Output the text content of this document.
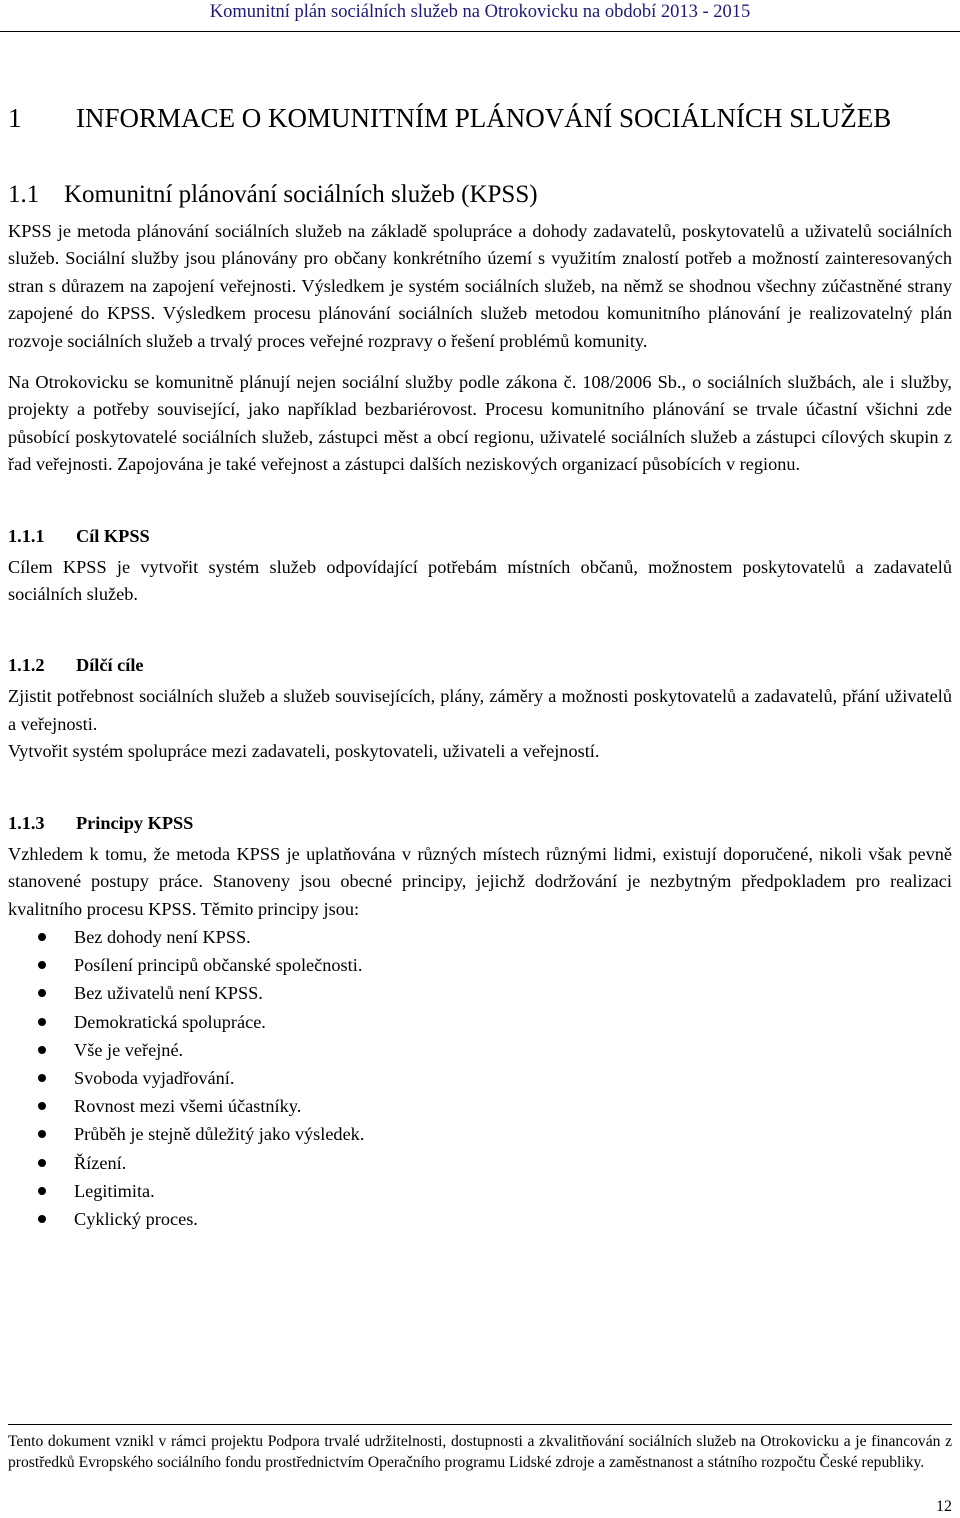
Komunitní plán sociálních služeb na Otrokovicku na období 2013 - 2015
1	INFORMACE O KOMUNITNÍM PLÁNOVÁNÍ SOCIÁLNÍCH SLUŽEB
1.1 Komunitní plánování sociálních služeb (KPSS)

KPSS je metoda plánování sociálních služeb na základě spolupráce a dohody zadavatelů, poskytovatelů a uživatelů sociálních služeb. Sociální služby jsou plánovány pro občany konkrétního území s využitím znalostí potřeb a možností zainteresovaných stran s důrazem na zapojení veřejnosti. Výsledkem je systém sociálních služeb, na němž se shodnou všechny zúčastněné strany zapojené do KPSS. Výsledkem procesu plánování sociálních služeb metodou komunitního plánování je realizovatelný plán rozvoje sociálních služeb a trvalý proces veřejné rozpravy o řešení problémů komunity.

Na Otrokovicku se komunitně plánují nejen sociální služby podle zákona č. 108/2006 Sb., o sociálních službách, ale i služby, projekty a potřeby související, jako například bezbariérovost. Procesu komunitního plánování se trvale účastní všichni zde působící poskytovatelé sociálních služeb, zástupci měst a obcí regionu, uživatelé sociálních služeb a zástupci cílových skupin z řad veřejnosti. Zapojována je také veřejnost a zástupci dalších neziskových organizací působících v regionu.

1.1.1	Cíl KPSS

Cílem KPSS je vytvořit systém služeb odpovídající potřebám místních občanů, možnostem poskytovatelů a zadavatelů sociálních služeb.

1.1.2	Dílčí cíle

Zjistit potřebnost sociálních služeb a služeb souvisejících, plány, záměry a možnosti poskytovatelů a zadavatelů, přání uživatelů a veřejnosti.

Vytvořit systém spolupráce mezi zadavateli, poskytovateli, uživateli a veřejností.

1.1.3	Principy KPSS

Vzhledem k tomu, že metoda KPSS je uplatňována v různých místech různými lidmi, existují doporučené, nikoli však pevně stanovené postupy práce. Stanoveny jsou obecné principy, jejichž dodržování je nezbytným předpokladem pro realizaci kvalitního procesu KPSS. Těmito principy jsou:

Bez dohody není KPSS.
Posílení principů občanské společnosti.
Bez uživatelů není KPSS.
Demokratická spolupráce.
Vše je veřejné.
Svoboda vyjadřování.
Rovnost mezi všemi účastníky.
Průběh je stejně důležitý jako výsledek.
Řízení.
Legitimita.
Cyklický proces.
Tento dokument vznikl v rámci projektu Podpora trvalé udržitelnosti, dostupnosti a zkvalitňování sociálních služeb na Otrokovicku a je financován z prostředků Evropského sociálního fondu prostřednictvím Operačního programu Lidské zdroje a zaměstnanost a státního rozpočtu České republiky.
12
